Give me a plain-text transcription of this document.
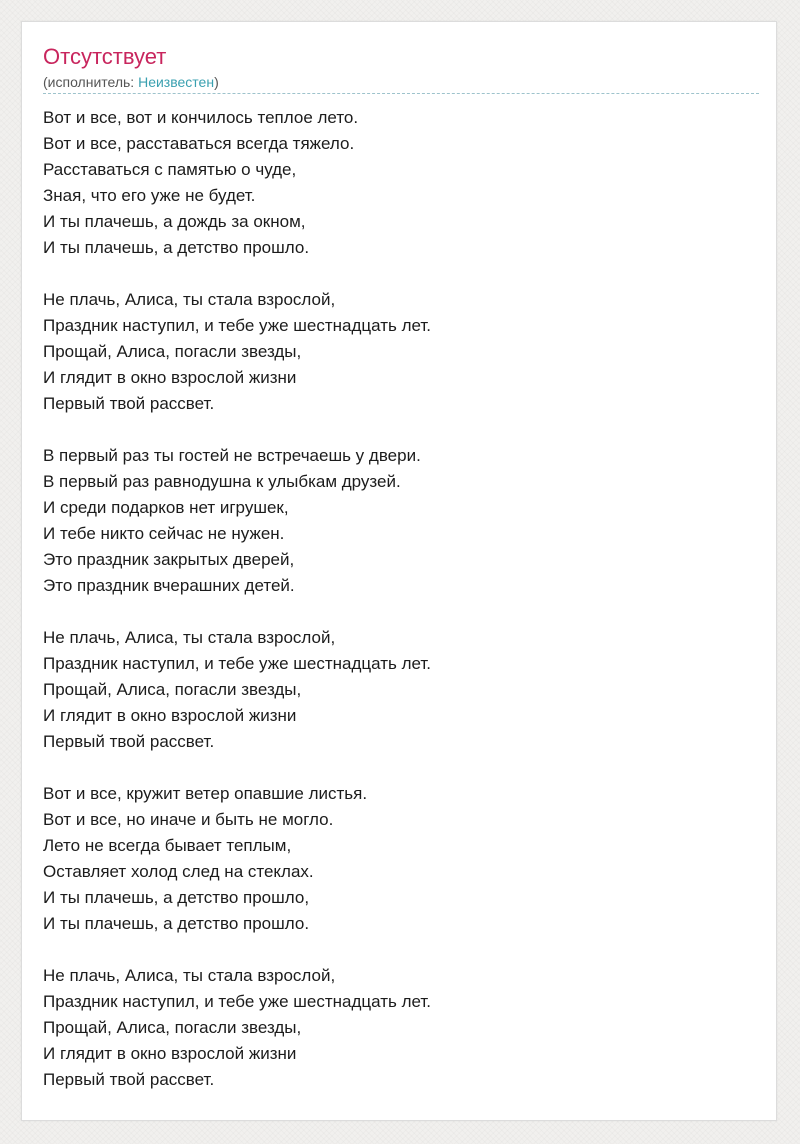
Отсутствует
(исполнитель: Неизвестен)
Вот и все, вот и кончилось теплое лето.
Вот и все, расставаться всегда тяжело.
Расставаться с памятью о чуде,
Зная, что его уже не будет.
И ты плачешь, а дождь за окном,
И ты плачешь, а детство прошло.
Не плачь, Алиса, ты стала взрослой,
Праздник наступил, и тебе уже шестнадцать лет.
Прощай, Алиса, погасли звезды,
И глядит в окно взрослой жизни
Первый твой рассвет.
В первый раз ты гостей не встречаешь у двери.
В первый раз равнодушна к улыбкам друзей.
И среди подарков нет игрушек,
И тебе никто сейчас не нужен.
Это праздник закрытых дверей,
Это праздник вчерашних детей.
Не плачь, Алиса, ты стала взрослой,
Праздник наступил, и тебе уже шестнадцать лет.
Прощай, Алиса, погасли звезды,
И глядит в окно взрослой жизни
Первый твой рассвет.
Вот и все, кружит ветер опавшие листья.
Вот и все, но иначе и быть не могло.
Лето не всегда бывает теплым,
Оставляет холод след на стеклах.
И ты плачешь, а детство прошло,
И ты плачешь, а детство прошло.
Не плачь, Алиса, ты стала взрослой,
Праздник наступил, и тебе уже шестнадцать лет.
Прощай, Алиса, погасли звезды,
И глядит в окно взрослой жизни
Первый твой рассвет.
